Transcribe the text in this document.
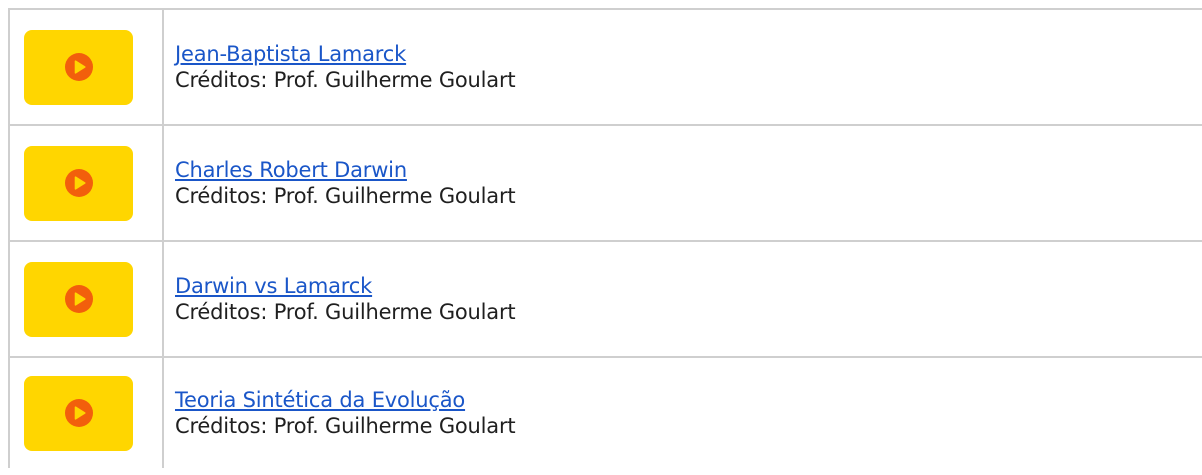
Jean-Baptista Lamarck
Créditos: Prof. Guilherme Goulart

Charles Robert Darwin
Créditos: Prof. Guilherme Goulart

Darwin vs Lamarck
Créditos: Prof. Guilherme Goulart

Teoria Sintética da Evolução
Créditos: Prof. Guilherme Goulart
